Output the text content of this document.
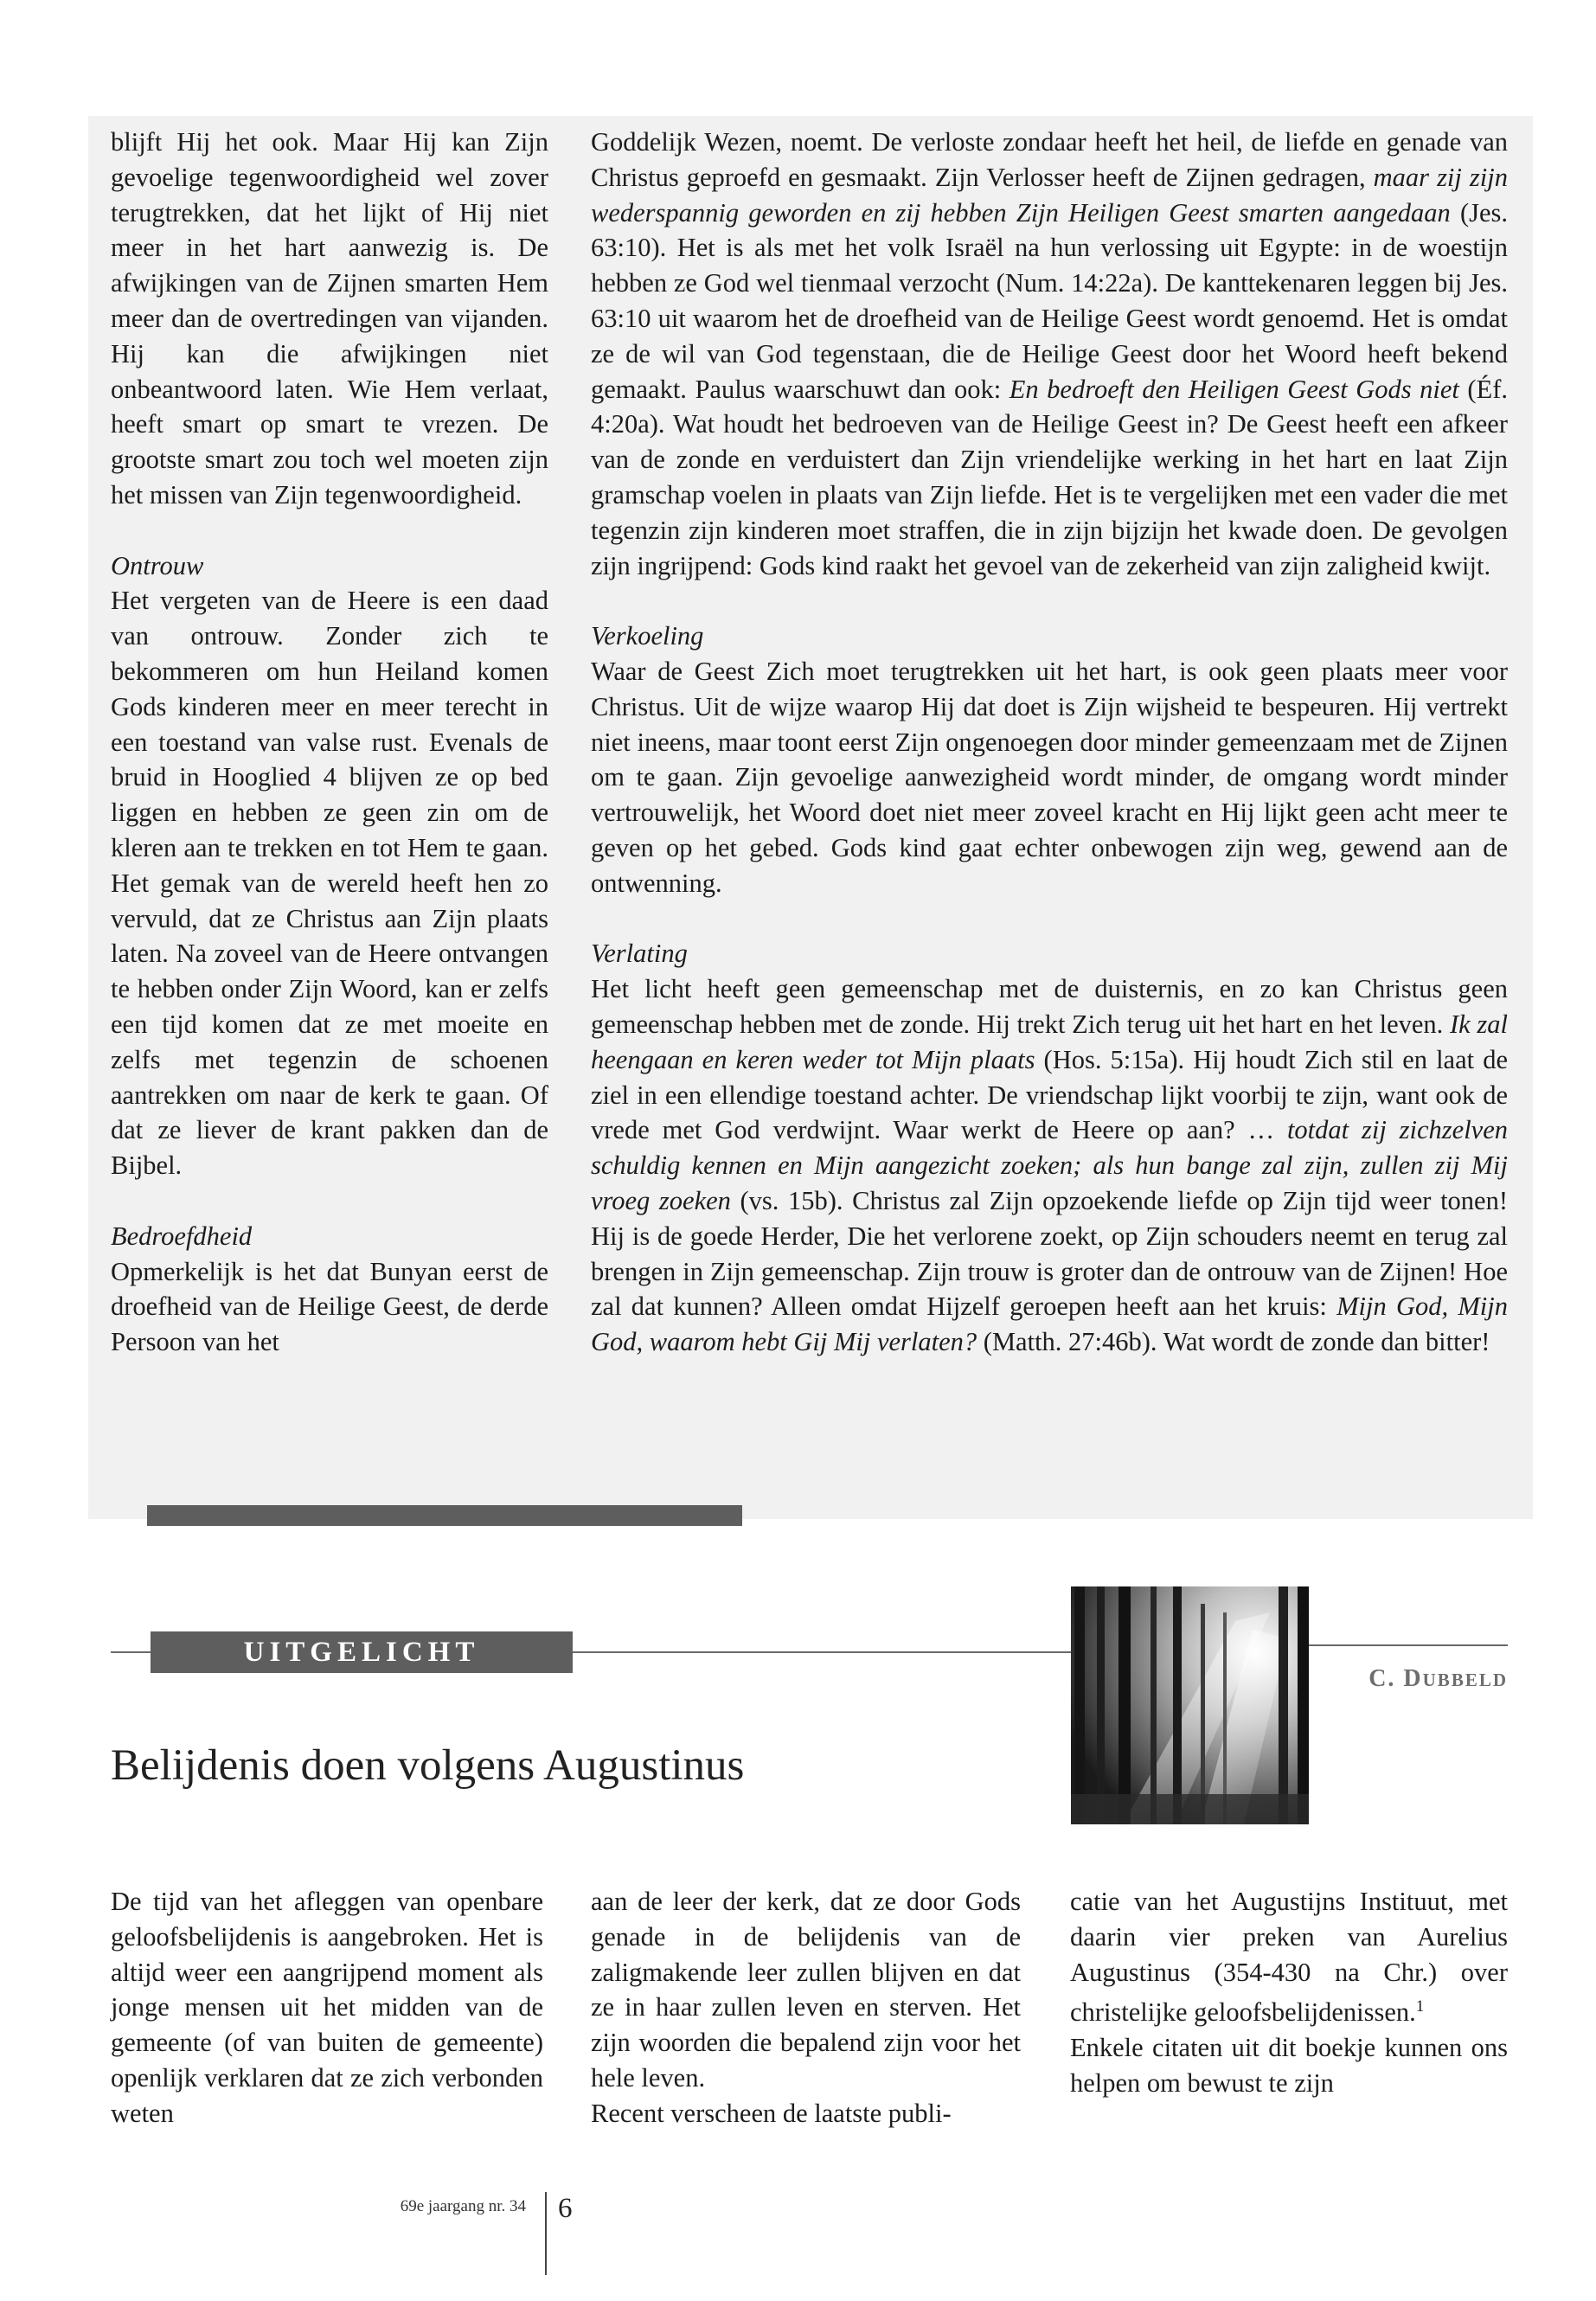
blijft Hij het ook. Maar Hij kan Zijn gevoelige tegenwoordigheid wel zover terugtrekken, dat het lijkt of Hij niet meer in het hart aanwezig is. De afwijkingen van de Zijnen smarten Hem meer dan de overtredingen van vijanden. Hij kan die afwijkingen niet onbeantwoord laten. Wie Hem verlaat, heeft smart op smart te vrezen. De grootste smart zou toch wel moeten zijn het missen van Zijn tegenwoordigheid.

Ontrouw

Het vergeten van de Heere is een daad van ontrouw. Zonder zich te bekommeren om hun Heiland komen Gods kinderen meer en meer terecht in een toestand van valse rust. Evenals de bruid in Hooglied 4 blijven ze op bed liggen en hebben ze geen zin om de kleren aan te trekken en tot Hem te gaan. Het gemak van de wereld heeft hen zo vervuld, dat ze Christus aan Zijn plaats laten. Na zoveel van de Heere ontvangen te hebben onder Zijn Woord, kan er zelfs een tijd komen dat ze met moeite en zelfs met tegenzin de schoenen aantrekken om naar de kerk te gaan. Of dat ze liever de krant pakken dan de Bijbel.

Bedroefdheid

Opmerkelijk is het dat Bunyan eerst de droefheid van de Heilige Geest, de derde Persoon van het

Goddelijk Wezen, noemt. De verloste zondaar heeft het heil, de liefde en genade van Christus geproefd en gesmaakt. Zijn Verlosser heeft de Zijnen gedragen, maar zij zijn wederspannig geworden en zij hebben Zijn Heiligen Geest smarten aangedaan (Jes. 63:10). Het is als met het volk Israël na hun verlossing uit Egypte: in de woestijn hebben ze God wel tienmaal verzocht (Num. 14:22a). De kanttekenaren leggen bij Jes. 63:10 uit waarom het de droefheid van de Heilige Geest wordt genoemd. Het is omdat ze de wil van God tegenstaan, die de Heilige Geest door het Woord heeft bekend gemaakt. Paulus waarschuwt dan ook: En bedroeft den Heiligen Geest Gods niet (Éf. 4:20a). Wat houdt het bedroeven van de Heilige Geest in? De Geest heeft een afkeer van de zonde en verduistert dan Zijn vriendelijke werking in het hart en laat Zijn gramschap voelen in plaats van Zijn liefde. Het is te vergelijken met een vader die met tegenzin zijn kinderen moet straffen, die in zijn bijzijn het kwade doen. De gevolgen zijn ingrijpend: Gods kind raakt het gevoel van de zekerheid van zijn zaligheid kwijt.

Verkoeling

Waar de Geest Zich moet terugtrekken uit het hart, is ook geen plaats meer voor Christus. Uit de wijze waarop Hij dat doet is Zijn wijsheid te bespeuren. Hij vertrekt niet ineens, maar toont eerst Zijn ongenoegen door minder gemeenzaam met de Zijnen om te gaan. Zijn gevoelige aanwezigheid wordt minder, de omgang wordt minder vertrouwelijk, het Woord doet niet meer zoveel kracht en Hij lijkt geen acht meer te geven op het gebed. Gods kind gaat echter onbewogen zijn weg, gewend aan de ontwenning.

Verlating

Het licht heeft geen gemeenschap met de duisternis, en zo kan Christus geen gemeenschap hebben met de zonde. Hij trekt Zich terug uit het hart en het leven. Ik zal heengaan en keren weder tot Mijn plaats (Hos. 5:15a). Hij houdt Zich stil en laat de ziel in een ellendige toestand achter. De vriendschap lijkt voorbij te zijn, want ook de vrede met God verdwijnt. Waar werkt de Heere op aan? … totdat zij zichzelven schuldig kennen en Mijn aangezicht zoeken; als hun bange zal zijn, zullen zij Mij vroeg zoeken (vs. 15b). Christus zal Zijn opzoekende liefde op Zijn tijd weer tonen! Hij is de goede Herder, Die het verlorene zoekt, op Zijn schouders neemt en terug zal brengen in Zijn gemeenschap. Zijn trouw is groter dan de ontrouw van de Zijnen! Hoe zal dat kunnen? Alleen omdat Hijzelf geroepen heeft aan het kruis: Mijn God, Mijn God, waarom hebt Gij Mij verlaten? (Matth. 27:46b). Wat wordt de zonde dan bitter!

UITGELICHT
C. DUBBELD
Belijdenis doen volgens Augustinus

De tijd van het afleggen van openbare geloofsbelijdenis is aangebroken. Het is altijd weer een aangrijpend moment als jonge mensen uit het midden van de gemeente (of van buiten de gemeente) openlijk verklaren dat ze zich verbonden weten

aan de leer der kerk, dat ze door Gods genade in de belijdenis van de zaligmakende leer zullen blijven en dat ze in haar zullen leven en sterven. Het zijn woorden die bepalend zijn voor het hele leven.

Recent verscheen de laatste publi-

catie van het Augustijns Instituut, met daarin vier preken van Aurelius Augustinus (354-430 na Chr.) over christelijke geloofsbelijdenissen.$^1$

Enkele citaten uit dit boekje kunnen ons helpen om bewust te zijn

69e jaargang nr. 34 6
